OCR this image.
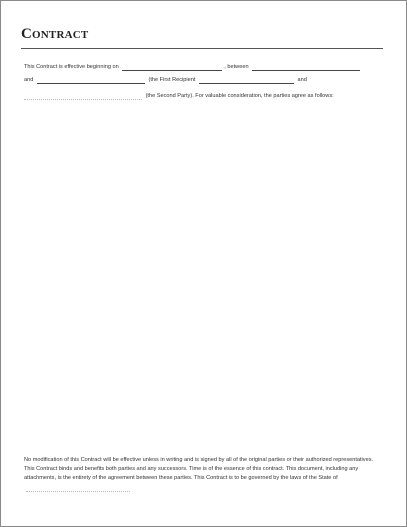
Contract
This Contract is effective beginning on	, between
and	(the First Recipient	and
(the Second Party). For valuable consideration, the parties agree as follows:
No modification of this Contract will be effective unless in writing and is signed by all of the original parties or their authorized representatives. This Contract binds and benefits both parties and any successors. Time is of the essence of this contract. This document, including any attachments, is the entirety of the agreement between these parties. This Contract is to be governed by the laws of the State of
